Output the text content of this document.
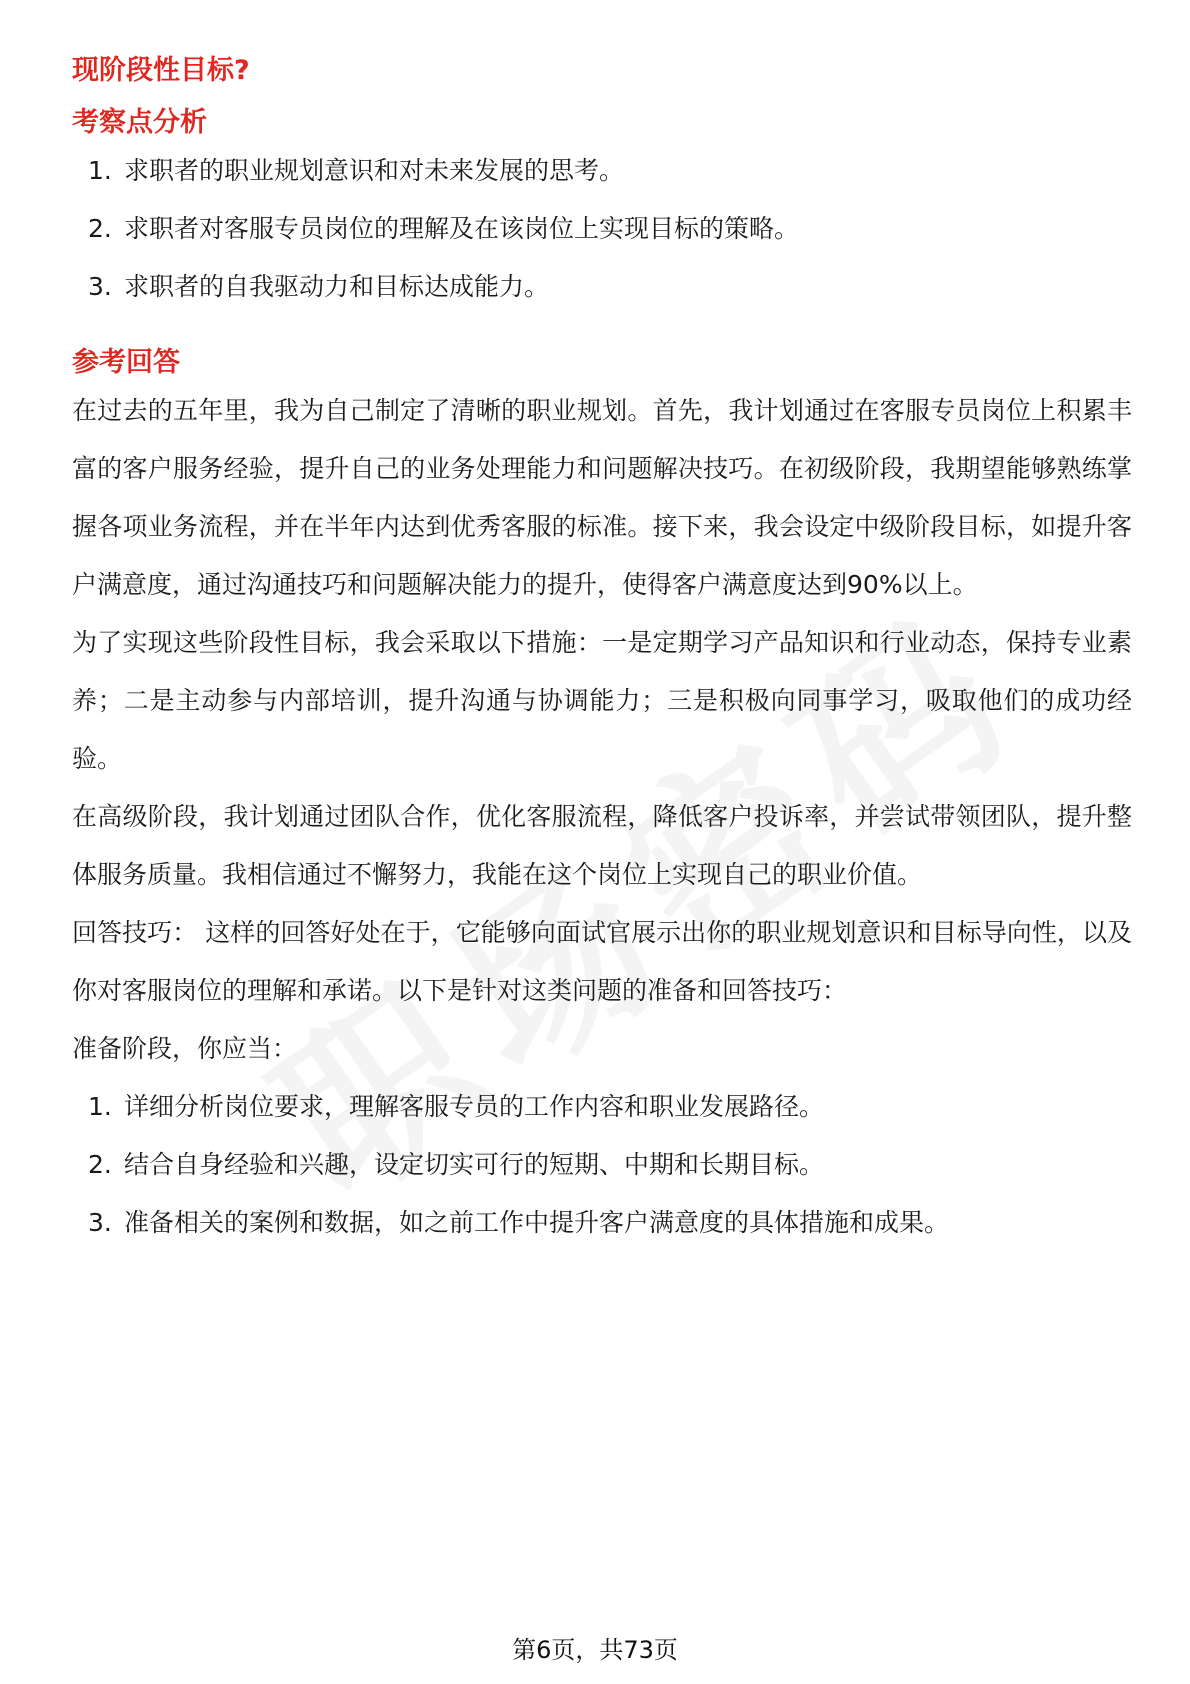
现阶段性目标?
考察点分析
1. 求职者的职业规划意识和对未来发展的思考。
2. 求职者对客服专员岗位的理解及在该岗位上实现目标的策略。
3. 求职者的自我驱动力和目标达成能力。
参考回答

在过去的五年里，我为自己制定了清晰的职业规划。首先，我计划通过在客服专员岗位上积累丰富的客户服务经验，提升自己的业务处理能力和问题解决技巧。在初级阶段，我期望能够熟练掌握各项业务流程，并在半年内达到优秀客服的标准。接下来，我会设定中级阶段目标，如提升客户满意度，通过沟通技巧和问题解决能力的提升，使得客户满意度达到90%以上。

为了实现这些阶段性目标，我会采取以下措施：一是定期学习产品知识和行业动态，保持专业素养；二是主动参与内部培训，提升沟通与协调能力；三是积极向同事学习，吸取他们的成功经验。

在高级阶段，我计划通过团队合作，优化客服流程，降低客户投诉率，并尝试带领团队，提升整体服务质量。我相信通过不懈努力，我能在这个岗位上实现自己的职业价值。

回答技巧： 这样的回答好处在于，它能够向面试官展示出你的职业规划意识和目标导向性，以及你对客服岗位的理解和承诺。以下是针对这类问题的准备和回答技巧：

准备阶段，你应当：

1. 详细分析岗位要求，理解客服专员的工作内容和职业发展路径。
2. 结合自身经验和兴趣，设定切实可行的短期、中期和长期目标。
3. 准备相关的案例和数据，如之前工作中提升客户满意度的具体措施和成果。
第6页，共73页
